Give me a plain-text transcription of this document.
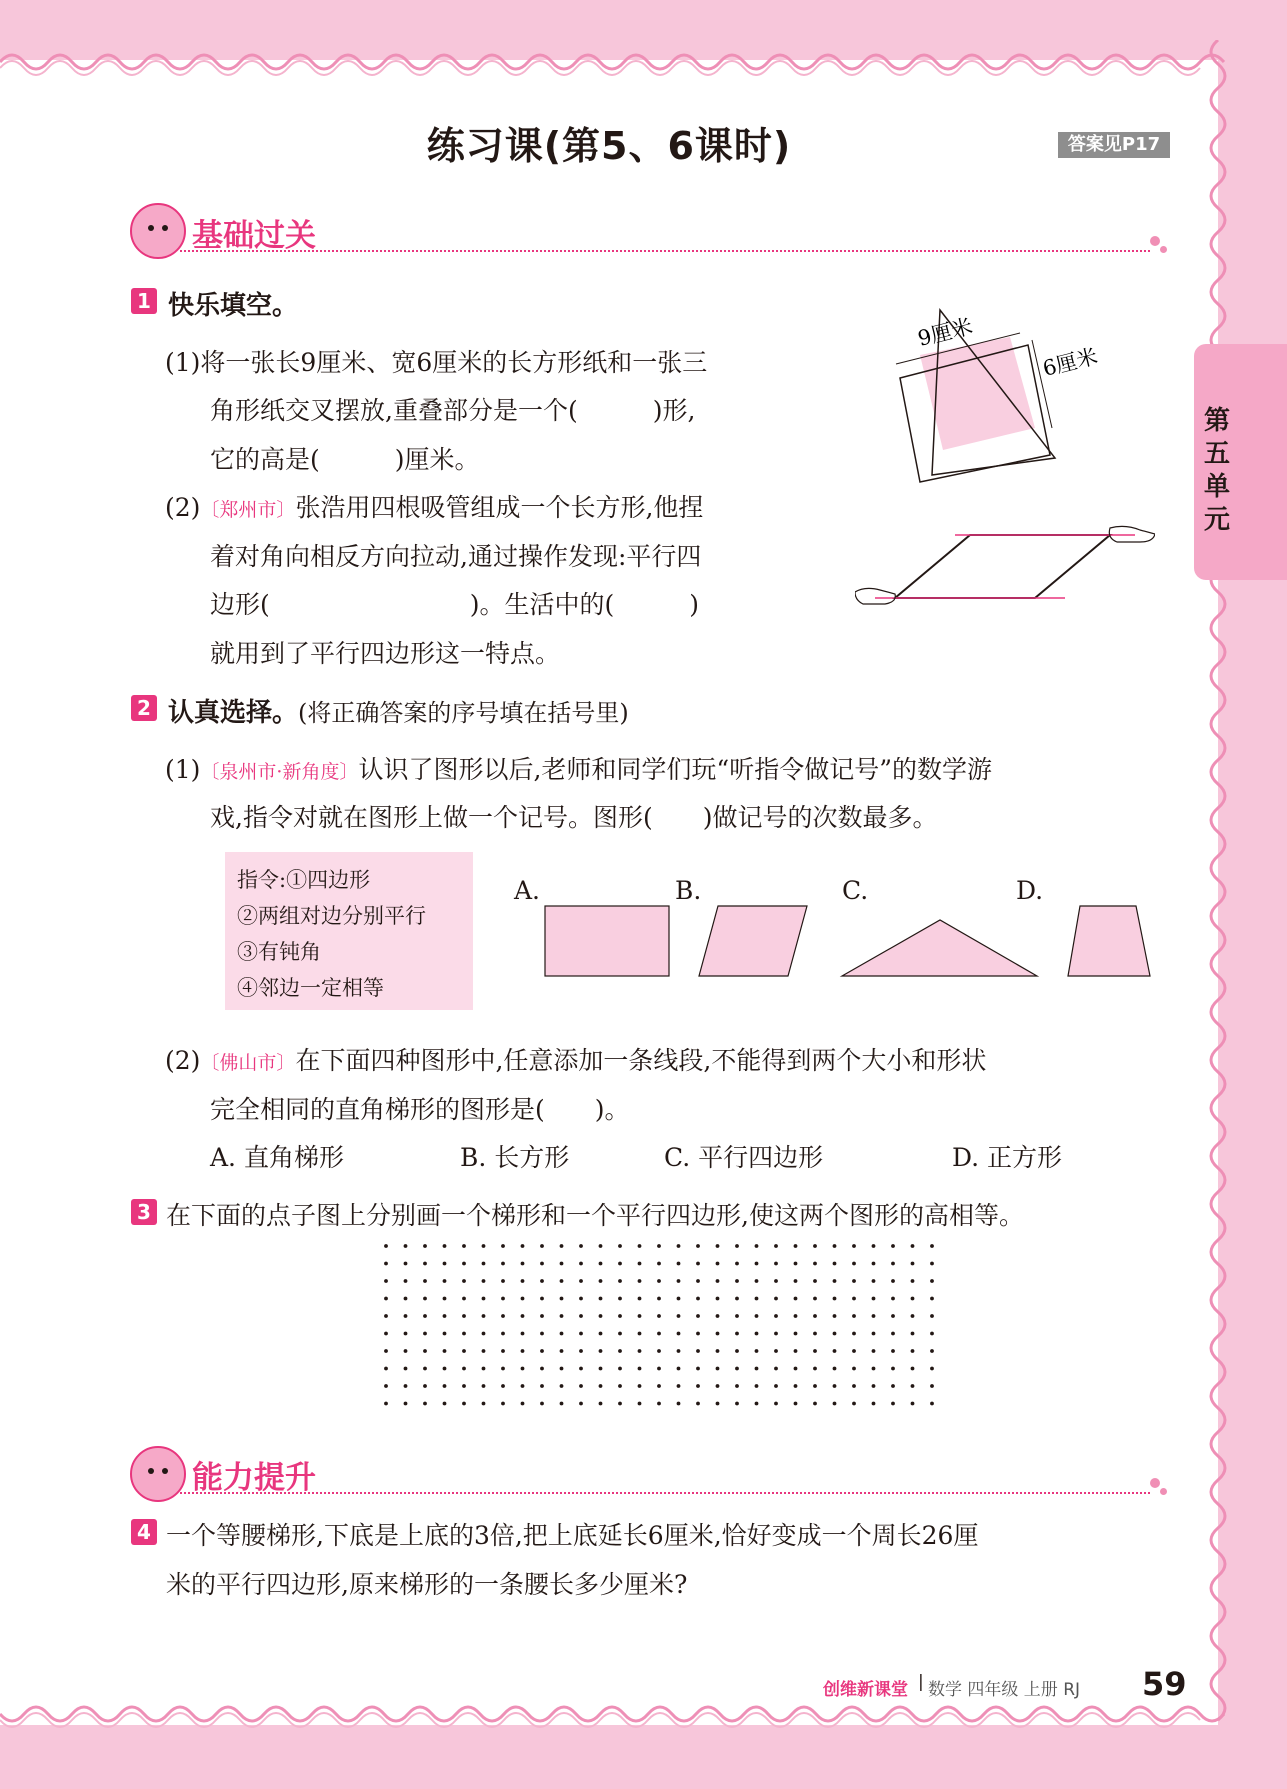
第
五
单
元
练习课(第5、6课时)	答案见P17
基础过关
1 快乐填空。
(1)将一张长9厘米、宽6厘米的长方形纸和一张三
角形纸交叉摆放,重叠部分是一个(　　　)形,
它的高是(　　　)厘米。
(2)〔郑州市〕张浩用四根吸管组成一个长方形,他捏
着对角向相反方向拉动,通过操作发现:平行四
边形(　　　　　　　　)。生活中的(　　　)
就用到了平行四边形这一特点。
9厘米
6厘米
2 认真选择。(将正确答案的序号填在括号里)
(1)〔泉州市·新角度〕认识了图形以后,老师和同学们玩“听指令做记号”的数学游
戏,指令对就在图形上做一个记号。图形(　　)做记号的次数最多。
指令:①四边形
②两组对边分别平行
③有钝角
④邻边一定相等
A.	B.	C.	D.
(2)〔佛山市〕在下面四种图形中,任意添加一条线段,不能得到两个大小和形状
完全相同的直角梯形的图形是(　　)。
A. 直角梯形	B. 长方形	C. 平行四边形	D. 正方形
3 在下面的点子图上分别画一个梯形和一个平行四边形,使这两个图形的高相等。
能力提升
4 一个等腰梯形,下底是上底的3倍,把上底延长6厘米,恰好变成一个周长26厘
米的平行四边形,原来梯形的一条腰长多少厘米?
创维新课堂 | 数学 四年级 上册 RJ 59
